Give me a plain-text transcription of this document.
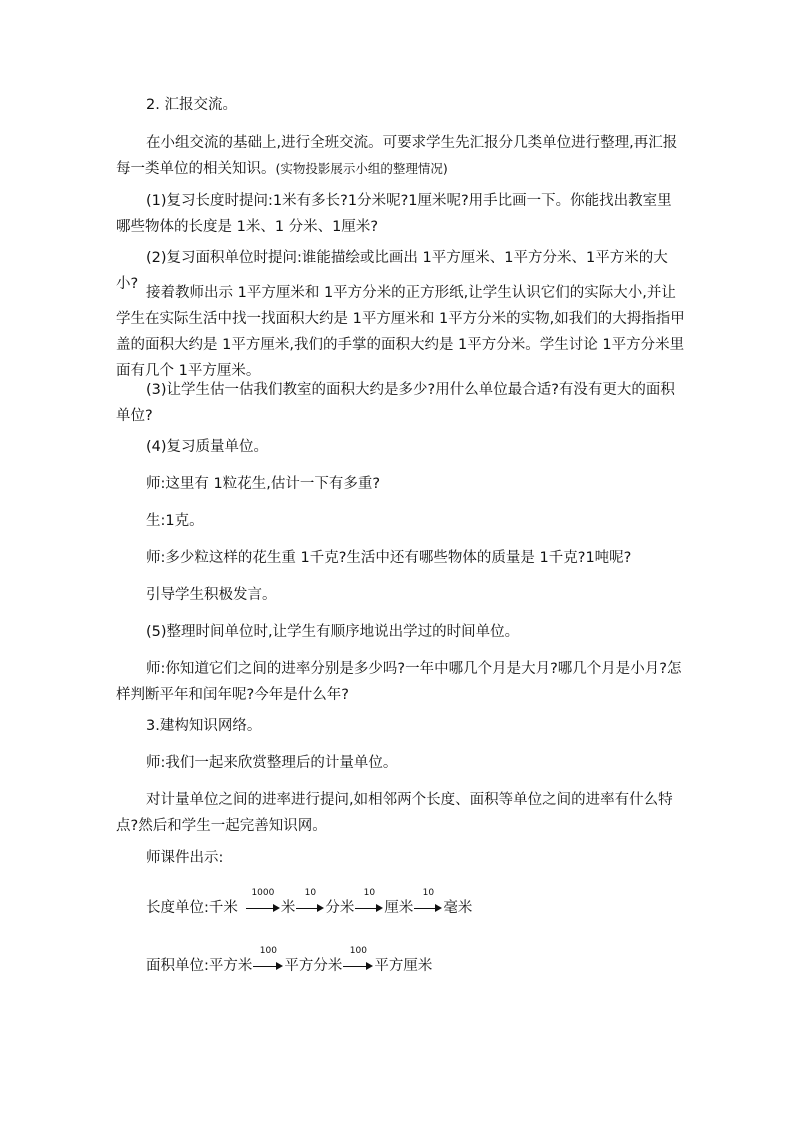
2. 汇报交流。
在小组交流的基础上,进行全班交流。可要求学生先汇报分几类单位进行整理,再汇报每一类单位的相关知识。(实物投影展示小组的整理情况)
(1)复习长度时提问:1米有多长?1分米呢?1厘米呢?用手比画一下。你能找出教室里哪些物体的长度是 1米、1 分米、1厘米?
(2)复习面积单位时提问:谁能描绘或比画出 1平方厘米、1平方分米、1平方米的大小?
接着教师出示 1平方厘米和 1平方分米的正方形纸,让学生认识它们的实际大小,并让学生在实际生活中找一找面积大约是 1平方厘米和 1平方分米的实物,如我们的大拇指指甲盖的面积大约是 1平方厘米,我们的手掌的面积大约是 1平方分米。学生讨论 1平方分米里面有几个 1平方厘米。
(3)让学生估一估我们教室的面积大约是多少?用什么单位最合适?有没有更大的面积单位?
(4)复习质量单位。
师:这里有 1粒花生,估计一下有多重?
生:1克。
师:多少粒这样的花生重 1千克?生活中还有哪些物体的质量是 1千克?1吨呢?
引导学生积极发言。
(5)整理时间单位时,让学生有顺序地说出学过的时间单位。
师:你知道它们之间的进率分别是多少吗?一年中哪几个月是大月?哪几个月是小月?怎样判断平年和闰年呢?今年是什么年?
3.建构知识网络。
师:我们一起来欣赏整理后的计量单位。
对计量单位之间的进率进行提问,如相邻两个长度、面积等单位之间的进率有什么特点?然后和学生一起完善知识网。
师课件出示:
长度单位:千米
1000
米
10
分米
10
厘米
10
毫米
面积单位:平方米
100
平方分米
100
平方厘米
